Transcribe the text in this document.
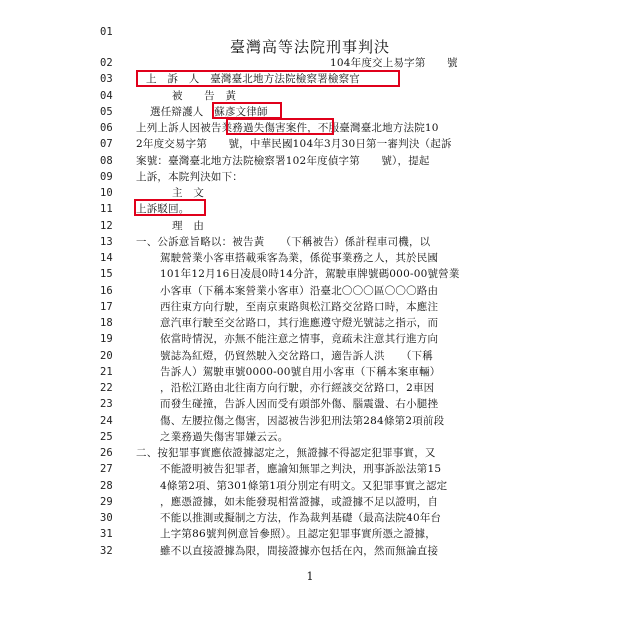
01
臺灣高等法院刑事判決
02	104年度交上易字第　　號
03	上　訴　人　臺灣臺北地方法院檢察署檢察官
04	被　　告　黃
05	選任辯護人　蘇彥文律師
06 上列上訴人因被告業務過失傷害案件，不服臺灣臺北地方法院10
07 2年度交易字第　　號，中華民國104年3月30日第一審判決（起訴
08 案號：臺灣臺北地方法院檢察署102年度偵字第　　號），提起
09 上訴，本院判決如下：
10	主　文
11 上訴駁回。
12	理　由
13 一、公訴意旨略以：被告黃　　（下稱被告）係計程車司機，以
14	駕駛營業小客車搭載乘客為業，係從事業務之人，其於民國
15	101年12月16日凌晨0時14分許，駕駛車牌號碼000-00號營業
16	小客車（下稱本案營業小客車）沿臺北〇〇〇區〇〇〇路由
17	西往東方向行駛，至南京東路與松江路交岔路口時，本應注
18	意汽車行駛至交岔路口，其行進應遵守燈光號誌之指示，而
19	依當時情況，亦無不能注意之情事，竟疏未注意其行進方向
20	號誌為紅燈，仍貿然駛入交岔路口，適告訴人洪　　（下稱
21	告訴人）駕駛車號0000-00號自用小客車（下稱本案車輛）
22	，沿松江路由北往南方向行駛，亦行經該交岔路口，2車因
23	而發生碰撞，告訴人因而受有頭部外傷、腦震盪、右小腿挫
24	傷、左腰拉傷之傷害，因認被告涉犯刑法第284條第2項前段
25	之業務過失傷害罪嫌云云。
26 二、按犯罪事實應依證據認定之，無證據不得認定犯罪事實，又
27	不能證明被告犯罪者，應諭知無罪之判決，刑事訴訟法第15
28	4條第2項、第301條第1項分別定有明文。又犯罪事實之認定
29	，應憑證據，如未能發現相當證據，或證據不足以證明，自
30	不能以推測或擬制之方法，作為裁判基礎（最高法院40年台
31	上字第86號判例意旨參照）。且認定犯罪事實所憑之證據，
32	雖不以直接證據為限，間接證據亦包括在內，然而無論直接
1
